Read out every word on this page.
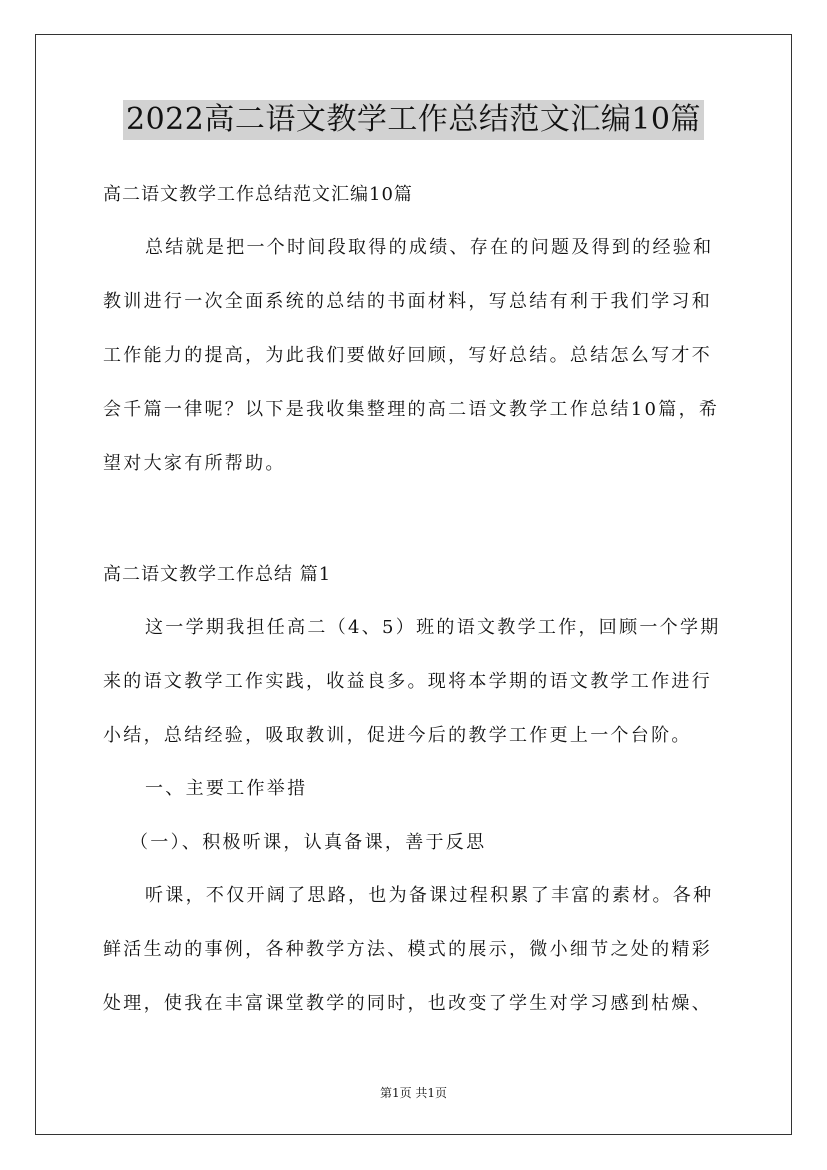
2022高二语文教学工作总结范文汇编10篇
高二语文教学工作总结范文汇编10篇
总结就是把一个时间段取得的成绩、存在的问题及得到的经验和
教训进行一次全面系统的总结的书面材料，写总结有利于我们学习和
工作能力的提高，为此我们要做好回顾，写好总结。总结怎么写才不
会千篇一律呢？以下是我收集整理的高二语文教学工作总结10篇，希
望对大家有所帮助。
高二语文教学工作总结 篇1
这一学期我担任高二（4、5）班的语文教学工作，回顾一个学期
来的语文教学工作实践，收益良多。现将本学期的语文教学工作进行
小结，总结经验，吸取教训，促进今后的教学工作更上一个台阶。
一、主要工作举措
（一）、积极听课，认真备课，善于反思
听课，不仅开阔了思路，也为备课过程积累了丰富的素材。各种
鲜活生动的事例，各种教学方法、模式的展示，微小细节之处的精彩
处理，使我在丰富课堂教学的同时，也改变了学生对学习感到枯燥、
第1页 共1页
